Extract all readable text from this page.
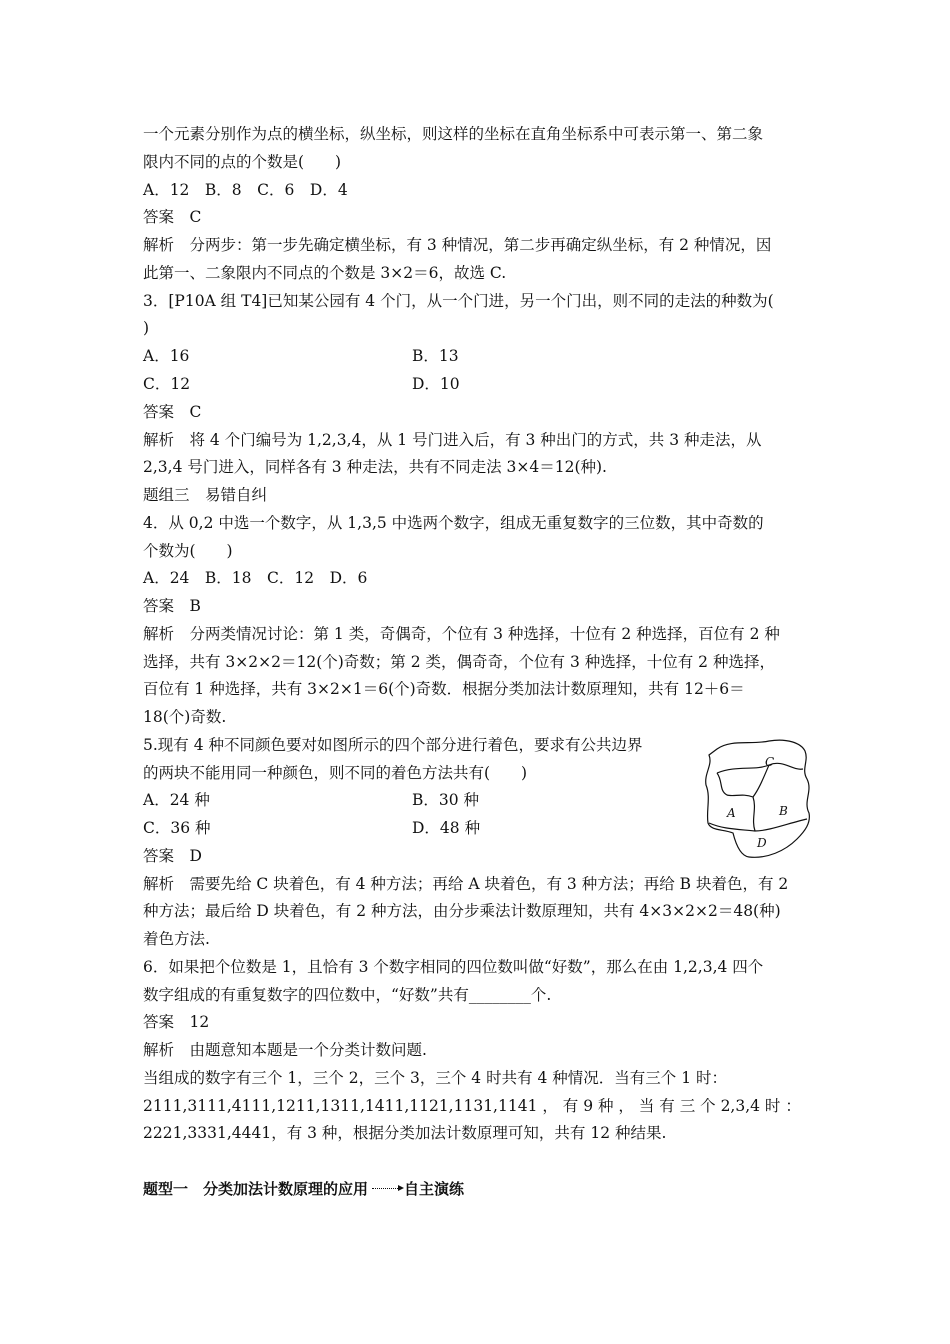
一个元素分别作为点的横坐标，纵坐标，则这样的坐标在直角坐标系中可表示第一、第二象
限内不同的点的个数是(　　)
A．12　B．8　C．6　D．4
答案　C
解析　分两步：第一步先确定横坐标，有 3 种情况，第二步再确定纵坐标，有 2 种情况，因
此第一、二象限内不同点的个数是 3×2＝6，故选 C.
3．[P10A 组 T4]已知某公园有 4 个门，从一个门进，另一个门出，则不同的走法的种数为(
)
A．16	B．13
C．12	D．10
答案　C
解析　将 4 个门编号为 1,2,3,4，从 1 号门进入后，有 3 种出门的方式，共 3 种走法，从
2,3,4 号门进入，同样各有 3 种走法，共有不同走法 3×4＝12(种).
题组三　易错自纠
4．从 0,2 中选一个数字，从 1,3,5 中选两个数字，组成无重复数字的三位数，其中奇数的
个数为(　　)
A．24　B．18　C．12　D．6
答案　B
解析　分两类情况讨论：第 1 类，奇偶奇，个位有 3 种选择，十位有 2 种选择，百位有 2 种
选择，共有 3×2×2＝12(个)奇数；第 2 类，偶奇奇，个位有 3 种选择，十位有 2 种选择，
百位有 1 种选择，共有 3×2×1＝6(个)奇数．根据分类加法计数原理知，共有 12＋6＝
18(个)奇数.
5.现有 4 种不同颜色要对如图所示的四个部分进行着色，要求有公共边界
的两块不能用同一种颜色，则不同的着色方法共有(　　)
A．24 种	B．30 种
C．36 种	D．48 种
答案　D
解析　需要先给 C 块着色，有 4 种方法；再给 A 块着色，有 3 种方法；再给 B 块着色，有 2
种方法；最后给 D 块着色，有 2 种方法，由分步乘法计数原理知，共有 4×3×2×2＝48(种)
着色方法.
6．如果把个位数是 1，且恰有 3 个数字相同的四位数叫做“好数”，那么在由 1,2,3,4 四个
数字组成的有重复数字的四位数中，“好数”共有________个.
答案　12
解析　由题意知本题是一个分类计数问题.
当组成的数字有三个 1，三个 2，三个 3，三个 4 时共有 4 种情况．当有三个 1 时：
2111,3111,4111,1211,1311,1411,1121,1131,1141 ， 有 9 种 ， 当 有 三 个 2,3,4 时 ：
2221,3331,4441，有 3 种，根据分类加法计数原理可知，共有 12 种结果.
题型一　分类加法计数原理的应用 自主演练
C
A	B
D
